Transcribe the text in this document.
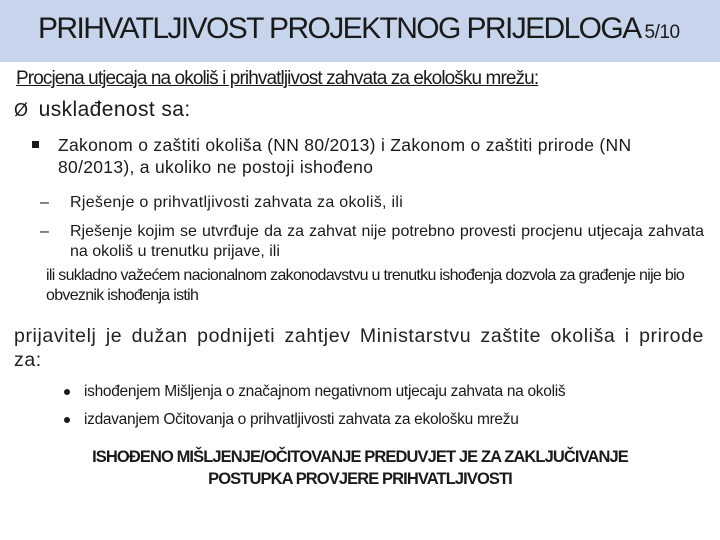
PRIHVATLJIVOST PROJEKTNOG PRIJEDLOGA 5/10
Procjena utjecaja na okoliš i prihvatljivost zahvata za ekološku mrežu:
Ø usklađenost sa:
Zakonom o zaštiti okoliša (NN 80/2013) i Zakonom o zaštiti prirode (NN 80/2013), a ukoliko ne postoji ishođeno
– Rješenje o prihvatljivosti zahvata za okoliš, ili
– Rješenje kojim se utvrđuje da za zahvat nije potrebno provesti procjenu utjecaja zahvata na okoliš u trenutku prijave, ili
ili sukladno važećem nacionalnom zakonodavstvu u trenutku ishođenja dozvola za građenje nije bio obveznik ishođenja istih
prijavitelj je dužan podnijeti zahtjev Ministarstvu zaštite okoliša i prirode za:
ishođenjem Mišljenja o značajnom negativnom utjecaju zahvata na okoliš
izdavanjem Očitovanja o prihvatljivosti zahvata za ekološku mrežu
ISHOĐENO MIŠLJENJE/OČITOVANJE PREDUVJET JE ZA ZAKLJUČIVANJE
POSTUPKA PROVJERE PRIHVATLJIVOSTI
